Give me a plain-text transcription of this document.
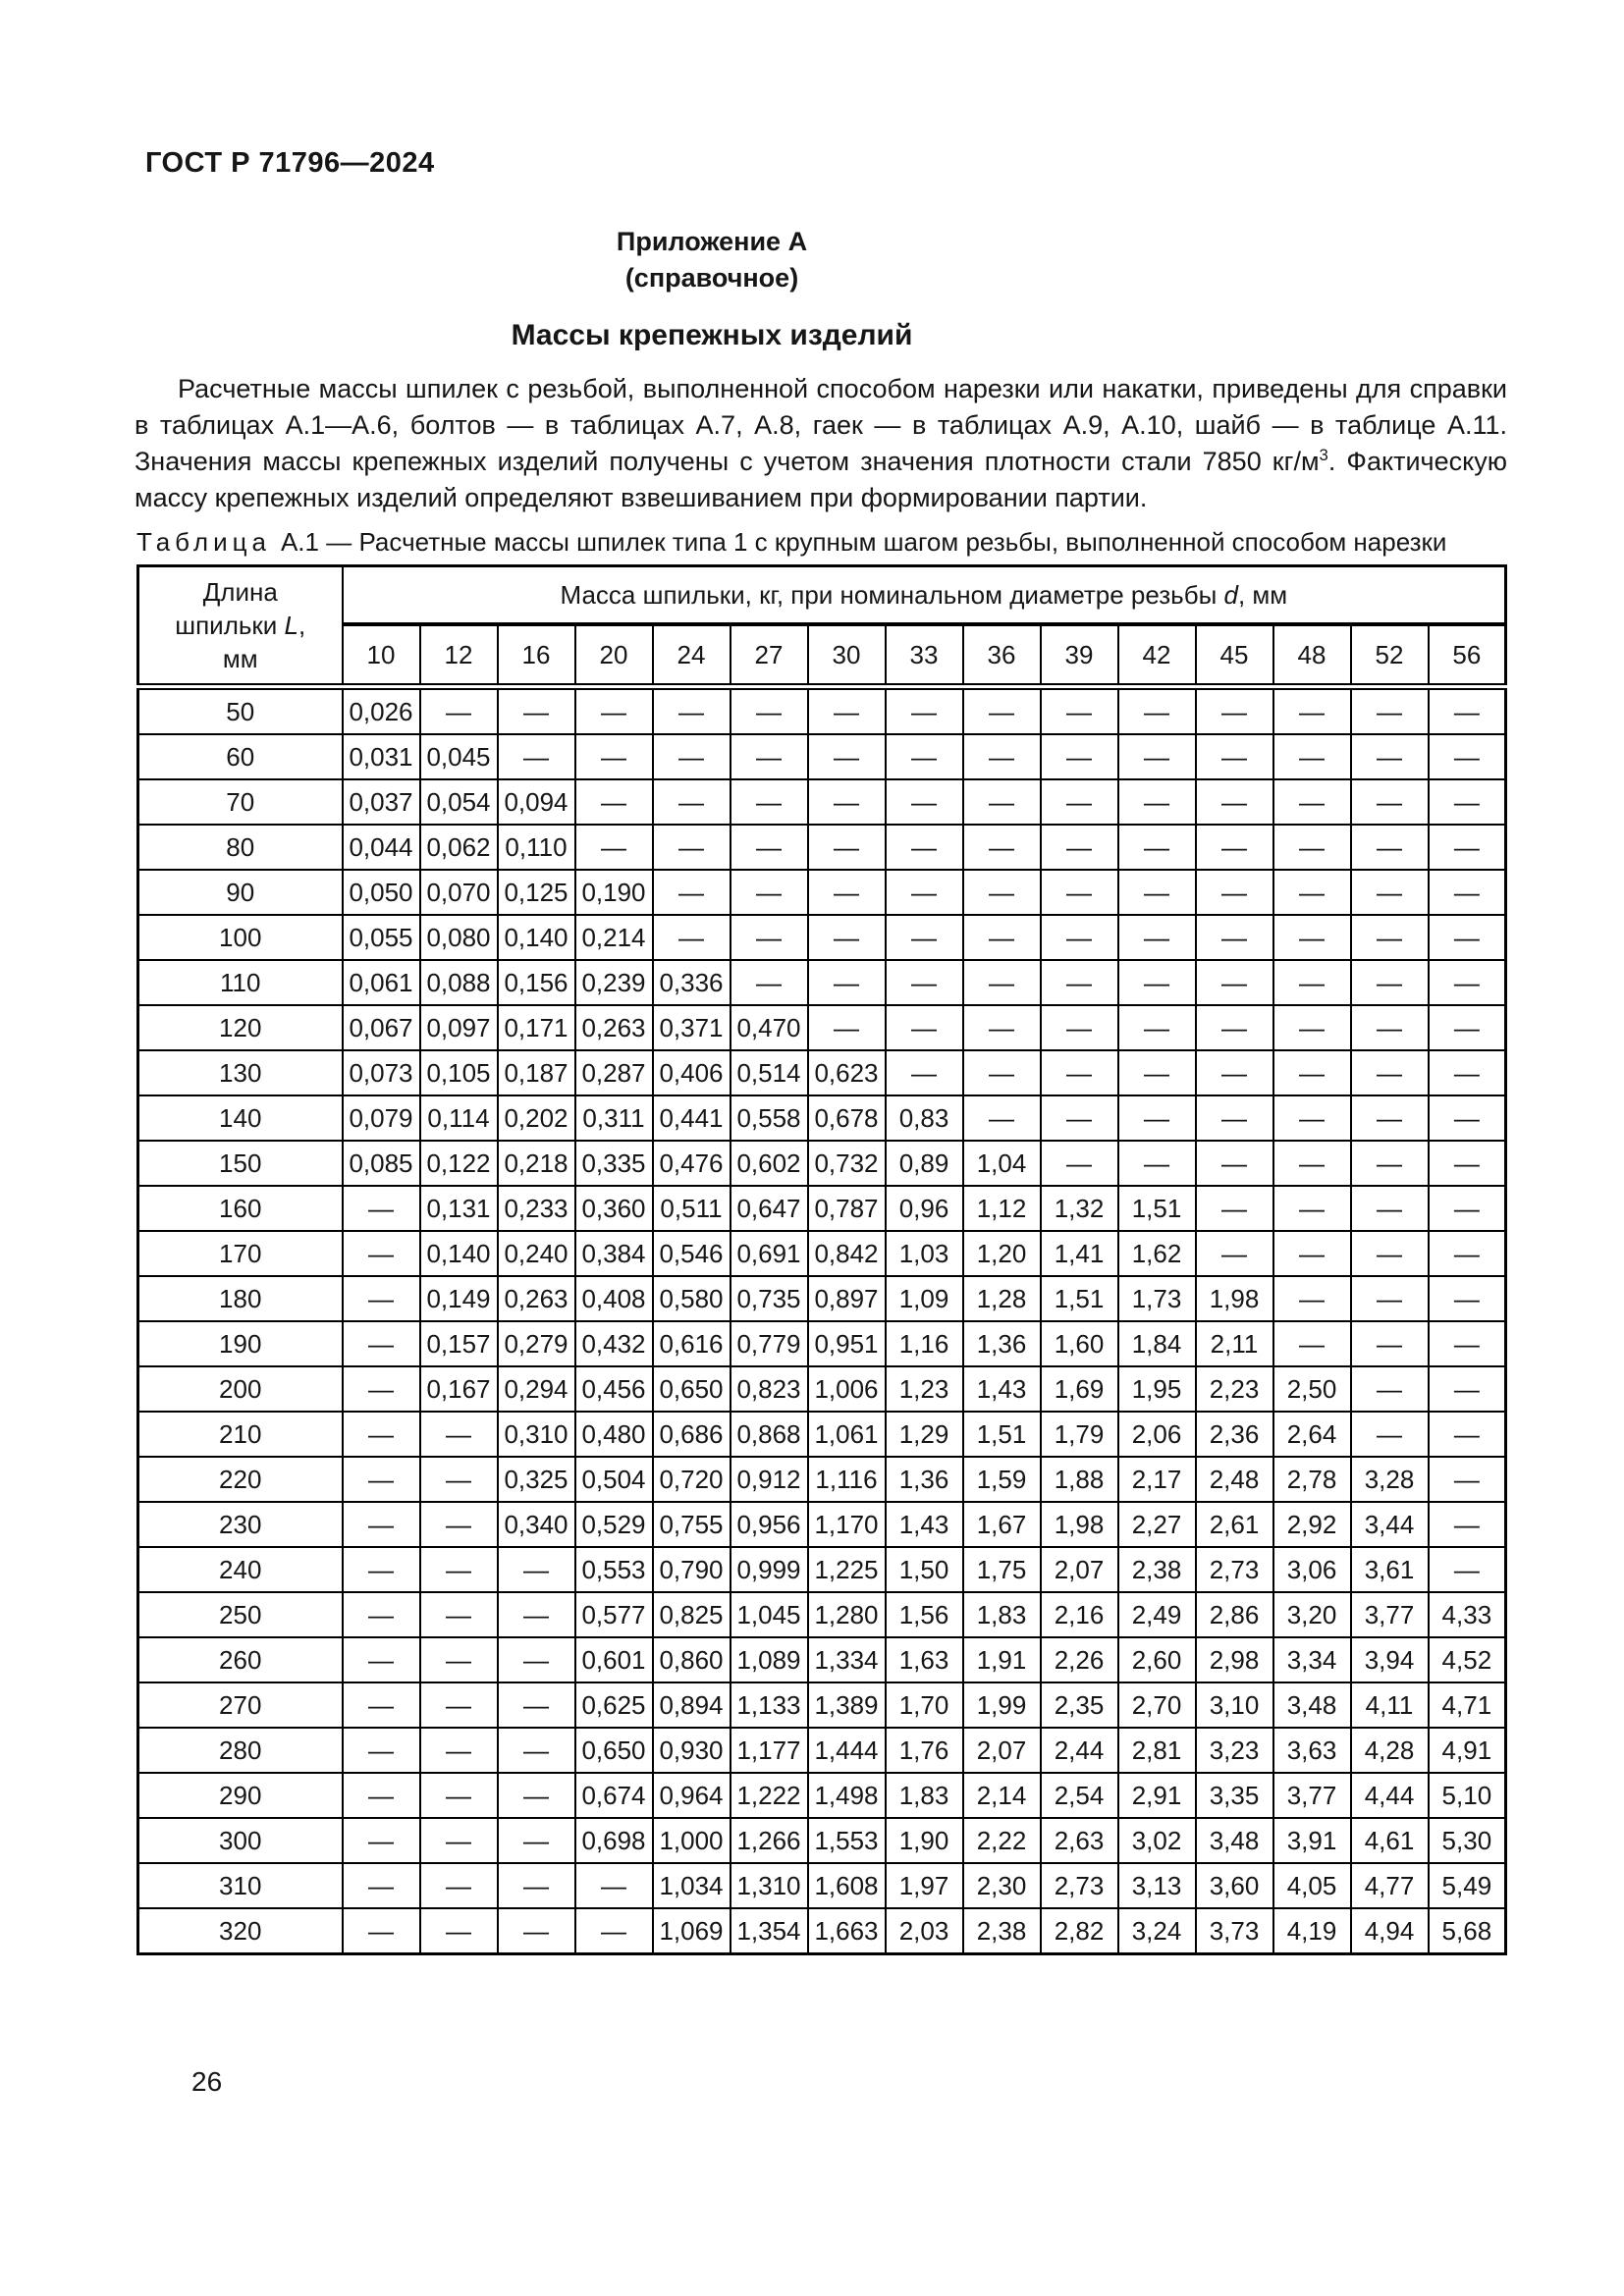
ГОСТ Р 71796—2024
Приложение А
(справочное)
Массы крепежных изделий

Расчетные массы шпилек с резьбой, выполненной способом нарезки или накатки, приведены для справки в таблицах А.1—А.6, болтов — в таблицах А.7, А.8, гаек — в таблицах А.9, А.10, шайб — в таблице А.11. Значения массы крепежных изделий получены с учетом значения плотности стали 7850 $кг/м^3$. Фактическую массу крепежных изделий определяют взвешиванием при формировании партии.

Таблица А.1 — Расчетные массы шпилек типа 1 с крупным шагом резьбы, выполненной способом нарезки
Длина шпильки L, мм	Масса шпильки, кг, при номинальном диаметре резьбы d, мм														
	10	12	16	20	24	27	30	33	36	39	42	45	48	52	56
50	0,026	—	—	—	—	—	—	—	—	—	—	—	—	—	—
60	0,031	0,045	—	—	—	—	—	—	—	—	—	—	—	—	—
70	0,037	0,054	0,094	—	—	—	—	—	—	—	—	—	—	—	—
80	0,044	0,062	0,110	—	—	—	—	—	—	—	—	—	—	—	—
90	0,050	0,070	0,125	0,190	—	—	—	—	—	—	—	—	—	—	—
100	0,055	0,080	0,140	0,214	—	—	—	—	—	—	—	—	—	—	—
110	0,061	0,088	0,156	0,239	0,336	—	—	—	—	—	—	—	—	—	—
120	0,067	0,097	0,171	0,263	0,371	0,470	—	—	—	—	—	—	—	—	—
130	0,073	0,105	0,187	0,287	0,406	0,514	0,623	—	—	—	—	—	—	—	—
140	0,079	0,114	0,202	0,311	0,441	0,558	0,678	0,83	—	—	—	—	—	—	—
150	0,085	0,122	0,218	0,335	0,476	0,602	0,732	0,89	1,04	—	—	—	—	—	—
160	—	0,131	0,233	0,360	0,511	0,647	0,787	0,96	1,12	1,32	1,51	—	—	—	—
170	—	0,140	0,240	0,384	0,546	0,691	0,842	1,03	1,20	1,41	1,62	—	—	—	—
180	—	0,149	0,263	0,408	0,580	0,735	0,897	1,09	1,28	1,51	1,73	1,98	—	—	—
190	—	0,157	0,279	0,432	0,616	0,779	0,951	1,16	1,36	1,60	1,84	2,11	—	—	—
200	—	0,167	0,294	0,456	0,650	0,823	1,006	1,23	1,43	1,69	1,95	2,23	2,50	—	—
210	—	—	0,310	0,480	0,686	0,868	1,061	1,29	1,51	1,79	2,06	2,36	2,64	—	—
220	—	—	0,325	0,504	0,720	0,912	1,116	1,36	1,59	1,88	2,17	2,48	2,78	3,28	—
230	—	—	0,340	0,529	0,755	0,956	1,170	1,43	1,67	1,98	2,27	2,61	2,92	3,44	—
240	—	—	—	0,553	0,790	0,999	1,225	1,50	1,75	2,07	2,38	2,73	3,06	3,61	—
250	—	—	—	0,577	0,825	1,045	1,280	1,56	1,83	2,16	2,49	2,86	3,20	3,77	4,33
260	—	—	—	0,601	0,860	1,089	1,334	1,63	1,91	2,26	2,60	2,98	3,34	3,94	4,52
270	—	—	—	0,625	0,894	1,133	1,389	1,70	1,99	2,35	2,70	3,10	3,48	4,11	4,71
280	—	—	—	0,650	0,930	1,177	1,444	1,76	2,07	2,44	2,81	3,23	3,63	4,28	4,91
290	—	—	—	0,674	0,964	1,222	1,498	1,83	2,14	2,54	2,91	3,35	3,77	4,44	5,10
300	—	—	—	0,698	1,000	1,266	1,553	1,90	2,22	2,63	3,02	3,48	3,91	4,61	5,30
310	—	—	—	—	1,034	1,310	1,608	1,97	2,30	2,73	3,13	3,60	4,05	4,77	5,49
320	—	—	—	—	1,069	1,354	1,663	2,03	2,38	2,82	3,24	3,73	4,19	4,94	5,68
26
